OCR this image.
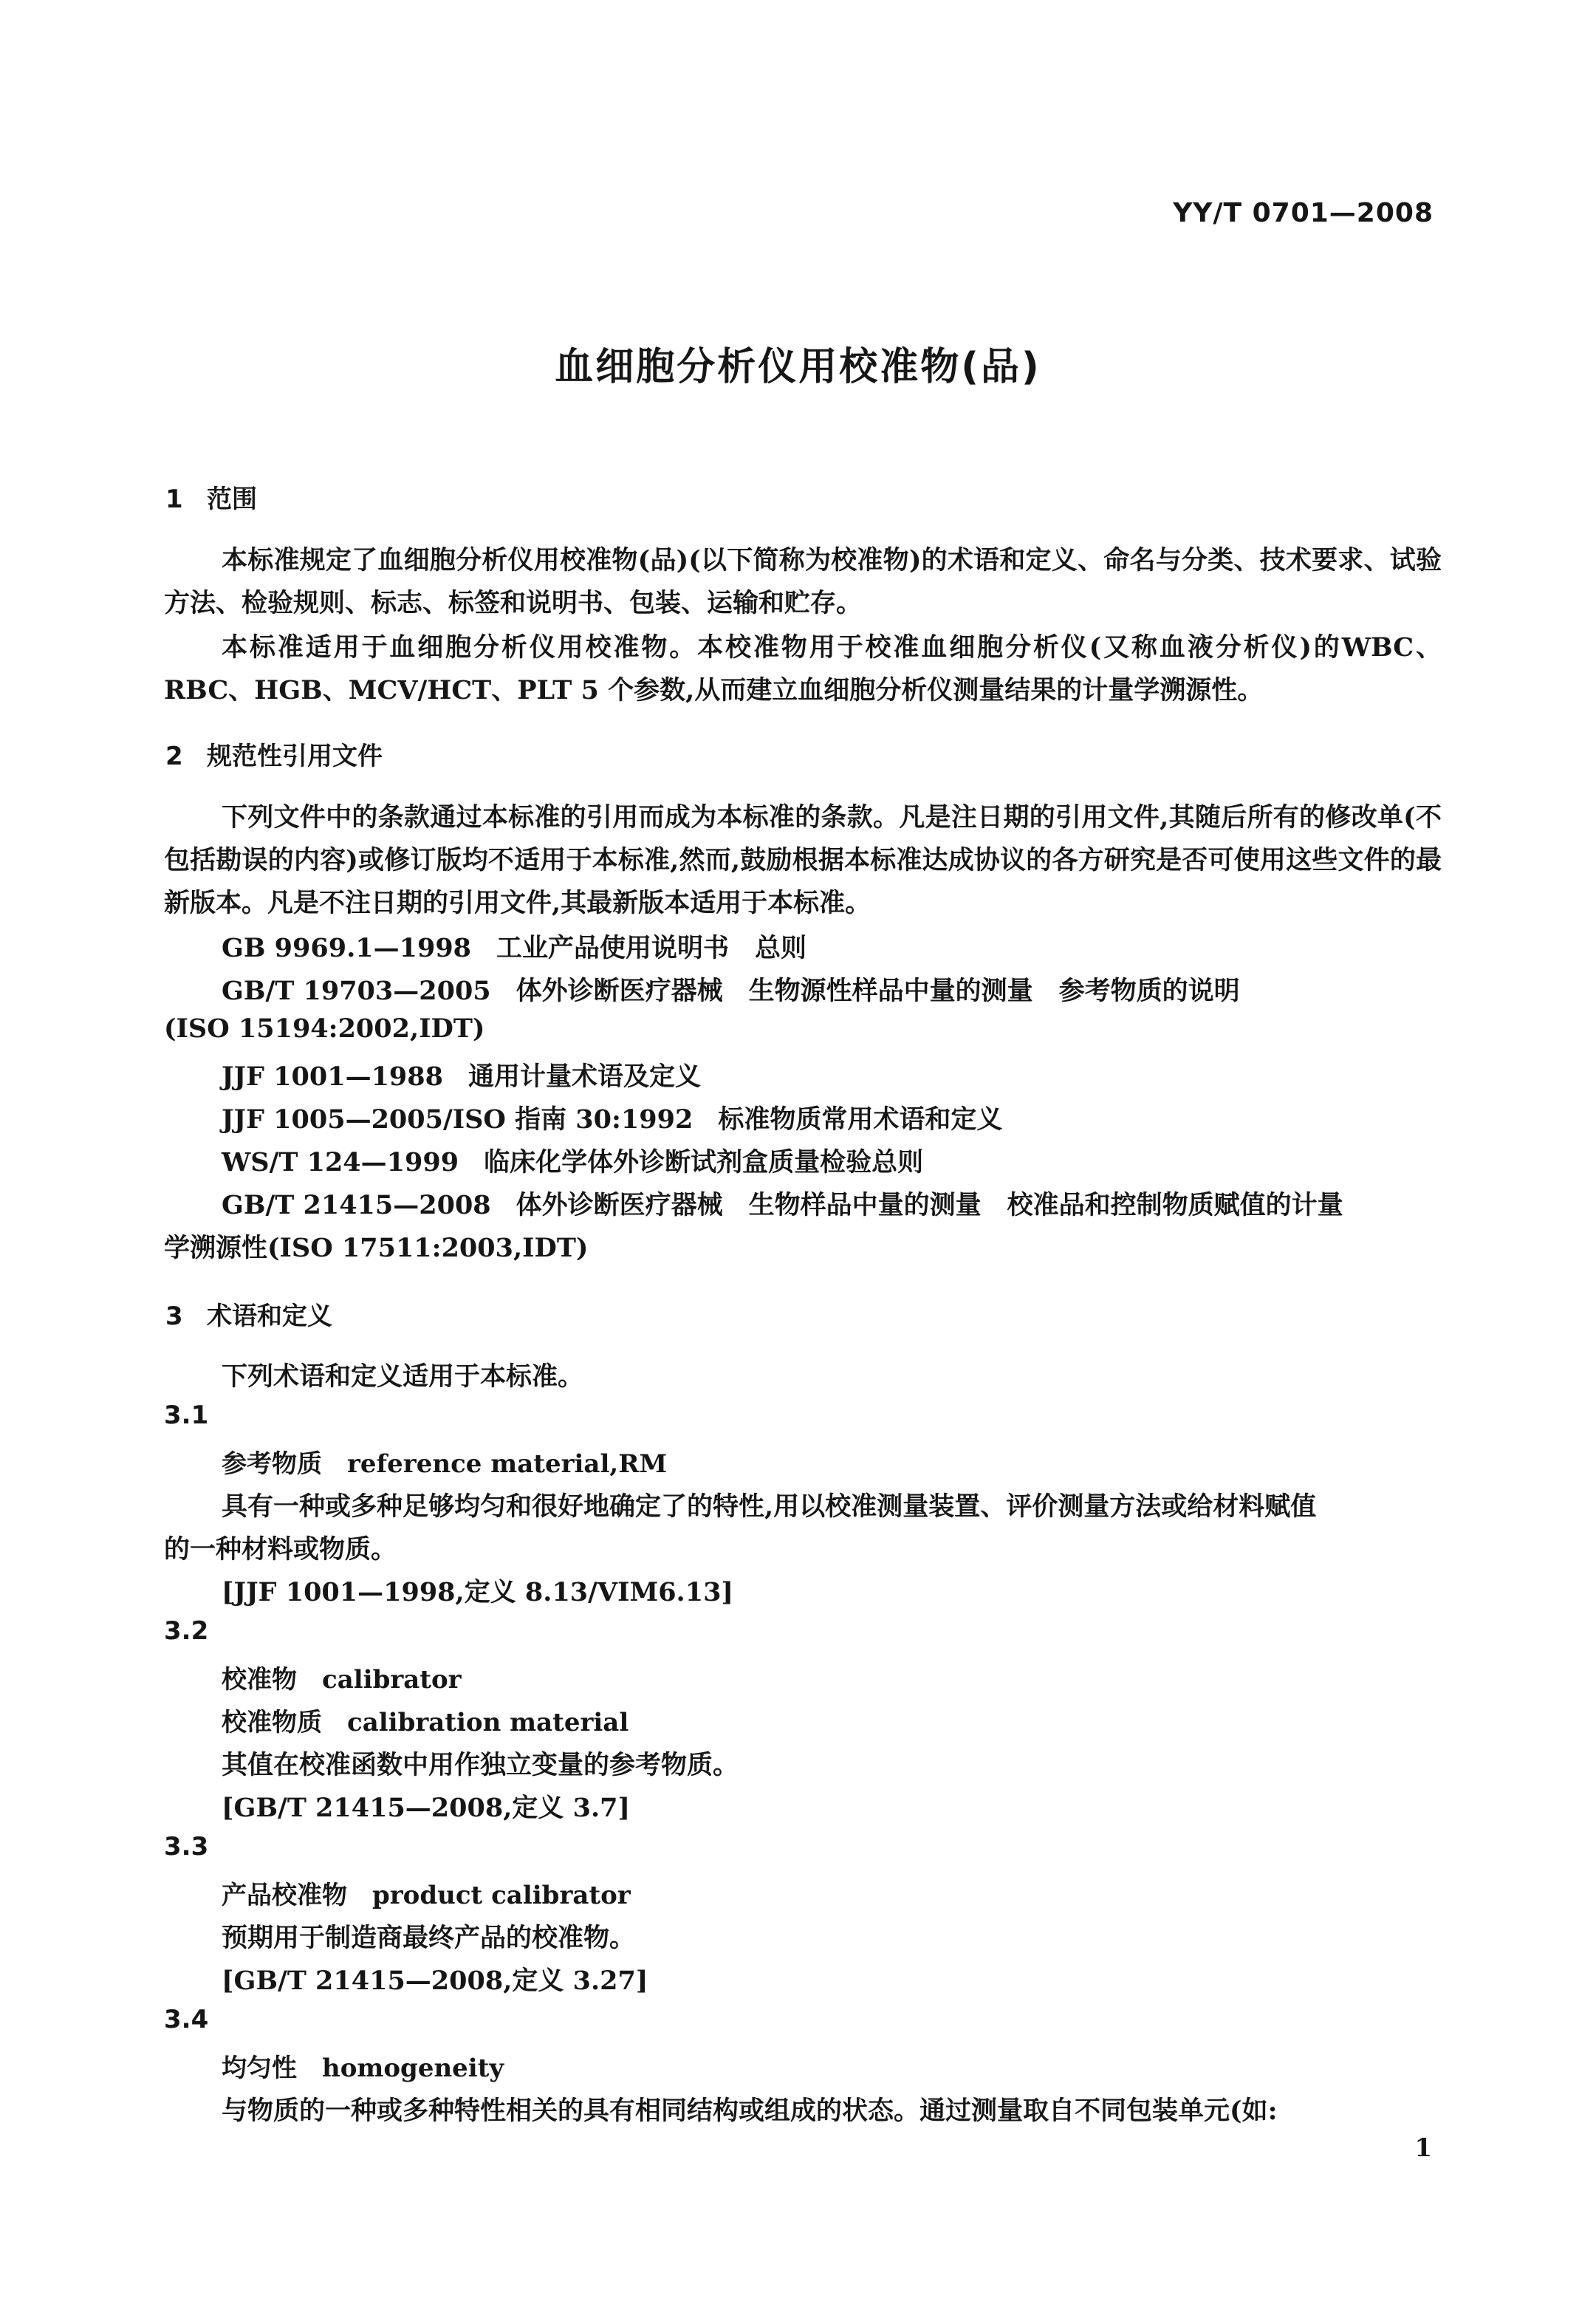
YY/T 0701—2008
血细胞分析仪用校准物(品)
1 范围
本标准规定了血细胞分析仪用校准物(品)(以下简称为校准物)的术语和定义、命名与分类、技术要求、试验方法、检验规则、标志、标签和说明书、包装、运输和贮存。
本标准适用于血细胞分析仪用校准物。本校准物用于校准血细胞分析仪(又称血液分析仪)的WBC、RBC、HGB、MCV/HCT、PLT 5 个参数,从而建立血细胞分析仪测量结果的计量学溯源性。
2 规范性引用文件
下列文件中的条款通过本标准的引用而成为本标准的条款。凡是注日期的引用文件,其随后所有的修改单(不包括勘误的内容)或修订版均不适用于本标准,然而,鼓励根据本标准达成协议的各方研究是否可使用这些文件的最新版本。凡是不注日期的引用文件,其最新版本适用于本标准。
GB 9969.1—1998 工业产品使用说明书　总则
GB/T 19703—2005 体外诊断医疗器械　生物源性样品中量的测量　参考物质的说明
(ISO 15194:2002,IDT)
JJF 1001—1988 通用计量术语及定义
JJF 1005—2005/ISO 指南 30:1992 标准物质常用术语和定义
WS/T 124—1999 临床化学体外诊断试剂盒质量检验总则
GB/T 21415—2008 体外诊断医疗器械　生物样品中量的测量　校准品和控制物质赋值的计量
学溯源性(ISO 17511:2003,IDT)
3 术语和定义
下列术语和定义适用于本标准。
3.1
参考物质 reference material,RM
具有一种或多种足够均匀和很好地确定了的特性,用以校准测量装置、评价测量方法或给材料赋值
的一种材料或物质。
[JJF 1001—1998,定义 8.13/VIM6.13]
3.2
校准物 calibrator
校准物质 calibration material
其值在校准函数中用作独立变量的参考物质。
[GB/T 21415—2008,定义 3.7]
3.3
产品校准物 product calibrator
预期用于制造商最终产品的校准物。
[GB/T 21415—2008,定义 3.27]
3.4
均匀性 homogeneity
与物质的一种或多种特性相关的具有相同结构或组成的状态。通过测量取自不同包装单元(如:
1
